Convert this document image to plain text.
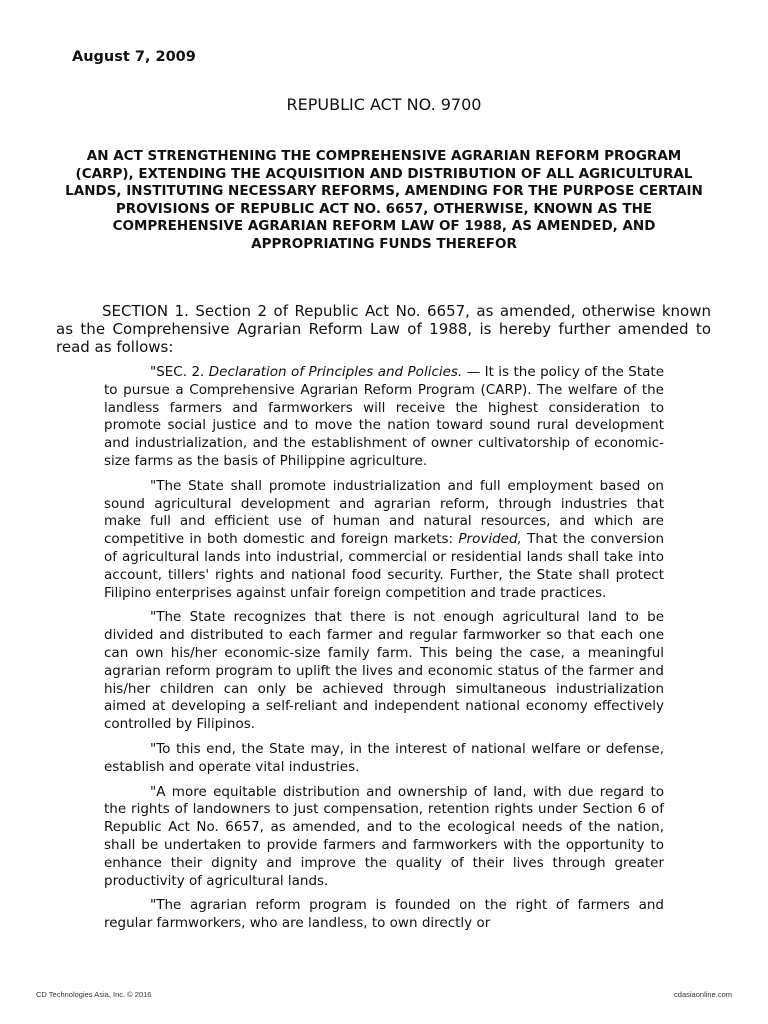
August 7, 2009
REPUBLIC ACT NO. 9700
AN ACT STRENGTHENING THE COMPREHENSIVE AGRARIAN REFORM PROGRAM (CARP), EXTENDING THE ACQUISITION AND DISTRIBUTION OF ALL AGRICULTURAL LANDS, INSTITUTING NECESSARY REFORMS, AMENDING FOR THE PURPOSE CERTAIN PROVISIONS OF REPUBLIC ACT NO. 6657, OTHERWISE, KNOWN AS THE COMPREHENSIVE AGRARIAN REFORM LAW OF 1988, AS AMENDED, AND APPROPRIATING FUNDS THEREFOR

SECTION 1. Section 2 of Republic Act No. 6657, as amended, otherwise known as the Comprehensive Agrarian Reform Law of 1988, is hereby further amended to read as follows:

"SEC. 2. Declaration of Principles and Policies. — It is the policy of the State to pursue a Comprehensive Agrarian Reform Program (CARP). The welfare of the landless farmers and farmworkers will receive the highest consideration to promote social justice and to move the nation toward sound rural development and industrialization, and the establishment of owner cultivatorship of economic-size farms as the basis of Philippine agriculture.

"The State shall promote industrialization and full employment based on sound agricultural development and agrarian reform, through industries that make full and efficient use of human and natural resources, and which are competitive in both domestic and foreign markets: Provided, That the conversion of agricultural lands into industrial, commercial or residential lands shall take into account, tillers' rights and national food security. Further, the State shall protect Filipino enterprises against unfair foreign competition and trade practices.

"The State recognizes that there is not enough agricultural land to be divided and distributed to each farmer and regular farmworker so that each one can own his/her economic-size family farm. This being the case, a meaningful agrarian reform program to uplift the lives and economic status of the farmer and his/her children can only be achieved through simultaneous industrialization aimed at developing a self-reliant and independent national economy effectively controlled by Filipinos.

"To this end, the State may, in the interest of national welfare or defense, establish and operate vital industries.

"A more equitable distribution and ownership of land, with due regard to the rights of landowners to just compensation, retention rights under Section 6 of Republic Act No. 6657, as amended, and to the ecological needs of the nation, shall be undertaken to provide farmers and farmworkers with the opportunity to enhance their dignity and improve the quality of their lives through greater productivity of agricultural lands.

"The agrarian reform program is founded on the right of farmers and regular farmworkers, who are landless, to own directly or

CD Technologies Asia, Inc. © 2016	cdasiaonline.com
